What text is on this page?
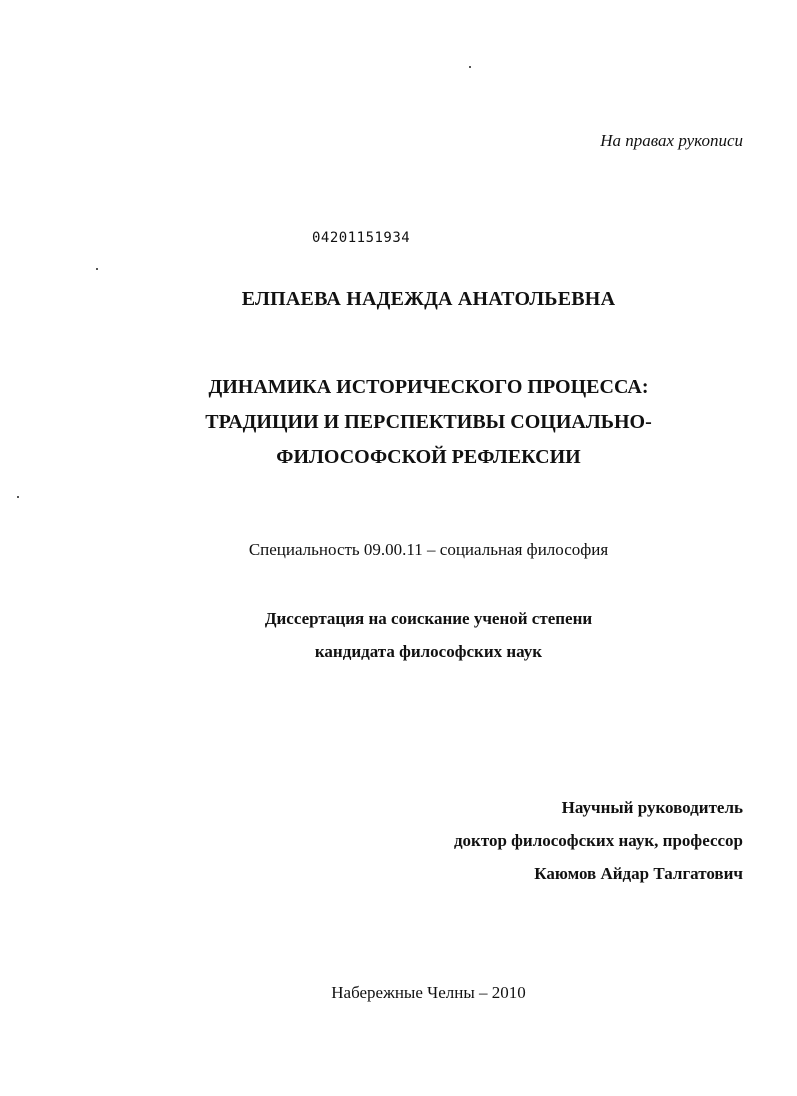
На правах рукописи
04201151934
ЕЛПАЕВА НАДЕЖДА АНАТОЛЬЕВНА
ДИНАМИКА ИСТОРИЧЕСКОГО ПРОЦЕССА:
ТРАДИЦИИ И ПЕРСПЕКТИВЫ СОЦИАЛЬНО-
ФИЛОСОФСКОЙ РЕФЛЕКСИИ
Специальность 09.00.11 – социальная философия
Диссертация на соискание ученой степени
кандидата философских наук
Научный руководитель
доктор философских наук, профессор
Каюмов Айдар Талгатович
Набережные Челны – 2010
